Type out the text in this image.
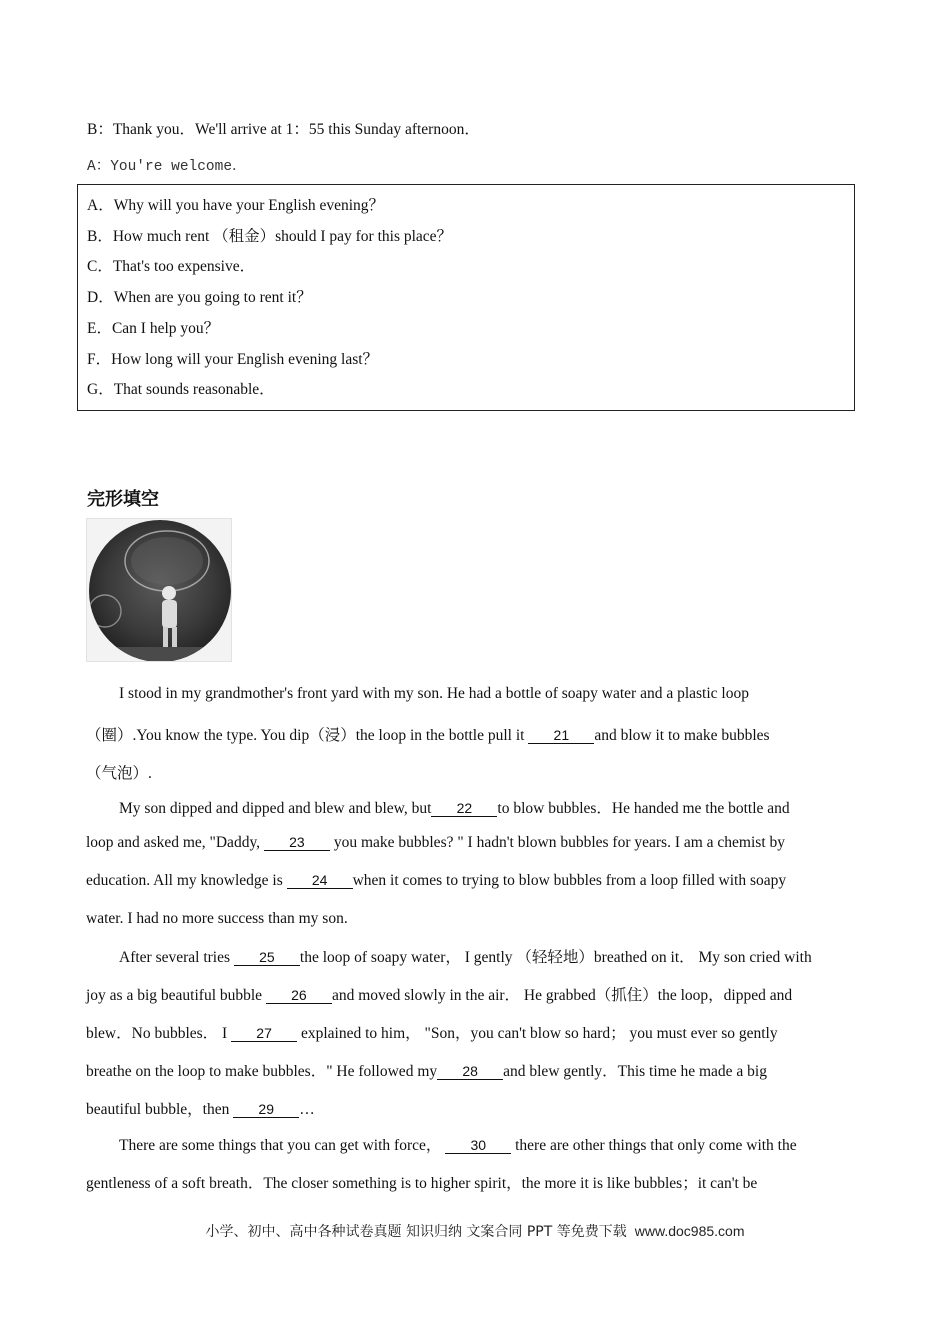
B：Thank you．We'll arrive at 1：55 this Sunday afternoon．
A：You're welcome．
A．Why will you have your English evening？
B．How much rent （租金）should I pay for this place？
C．That's too expensive．
D．When are you going to rent it？
E．Can I help you？
F．How long will your English evening last？
G．That sounds reasonable．
完形填空
I stood in my grandmother's front yard with my son. He had a bottle of soapy water and a plastic loop
（圈）.You know the type. You dip（浸）the loop in the bottle pull it 21 and blow it to make bubbles
（气泡）.
My son dipped and dipped and blew and blew, but 22 to blow bubbles．He handed me the bottle and
loop and asked me, "Daddy, 23 you make bubbles? " I hadn't blown bubbles for years. I am a chemist by
education. All my knowledge is 24 when it comes to trying to blow bubbles from a loop filled with soapy
water. I had no more success than my son.
After several tries 25 the loop of soapy water， I gently （轻轻地）breathed on it． My son cried with
joy as a big beautiful bubble 26 and moved slowly in the air． He grabbed（抓住）the loop，dipped and
blew．No bubbles． I 27 explained to him， "Son，you can't blow so hard； you must ever so gently
breathe on the loop to make bubbles．" He followed my 28 and blew gently．This time he made a big
beautiful bubble，then 29 …
There are some things that you can get with force， 30 there are other things that only come with the
gentleness of a soft breath．The closer something is to higher spirit，the more it is like bubbles；it can't be
小学、初中、高中各种试卷真题 知识归纳 文案合同 PPT 等免费下载 www.doc985.com
